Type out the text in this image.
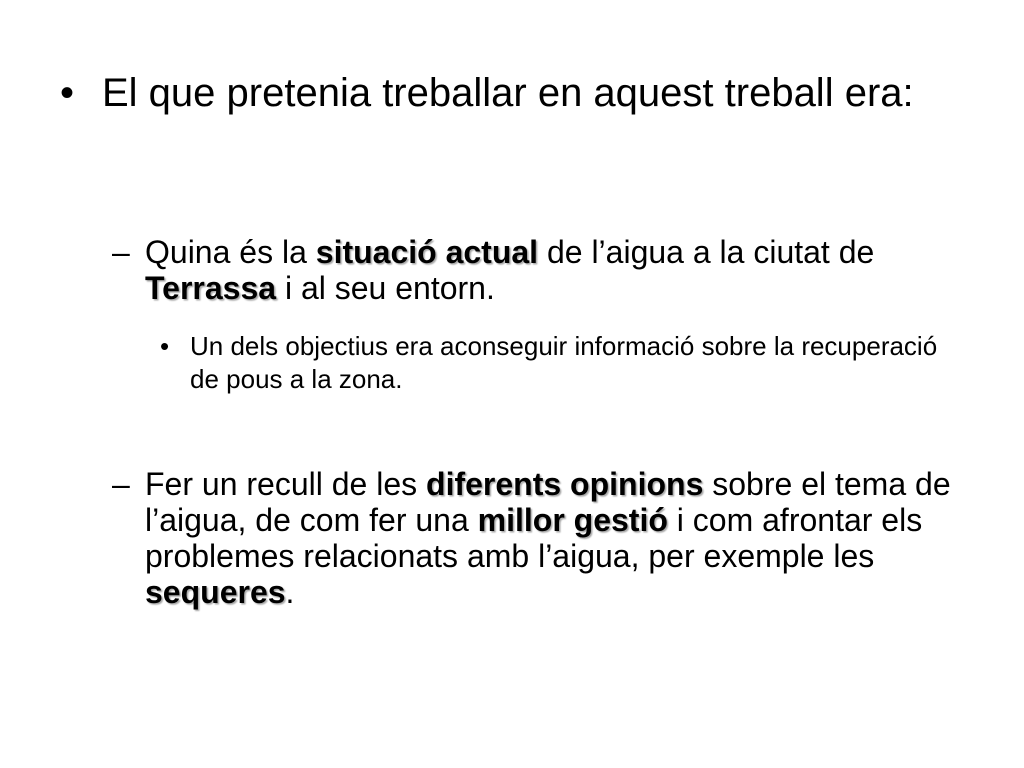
• El que pretenia treballar en aquest treball era:
– Quina és la situació actual de l’aigua a la ciutat de Terrassa i al seu entorn.
• Un dels objectius era aconseguir informació sobre la recuperació de pous a la zona.
– Fer un recull de les diferents opinions sobre el tema de l’aigua, de com fer una millor gestió i com afrontar els problemes relacionats amb l’aigua, per exemple les sequeres.
